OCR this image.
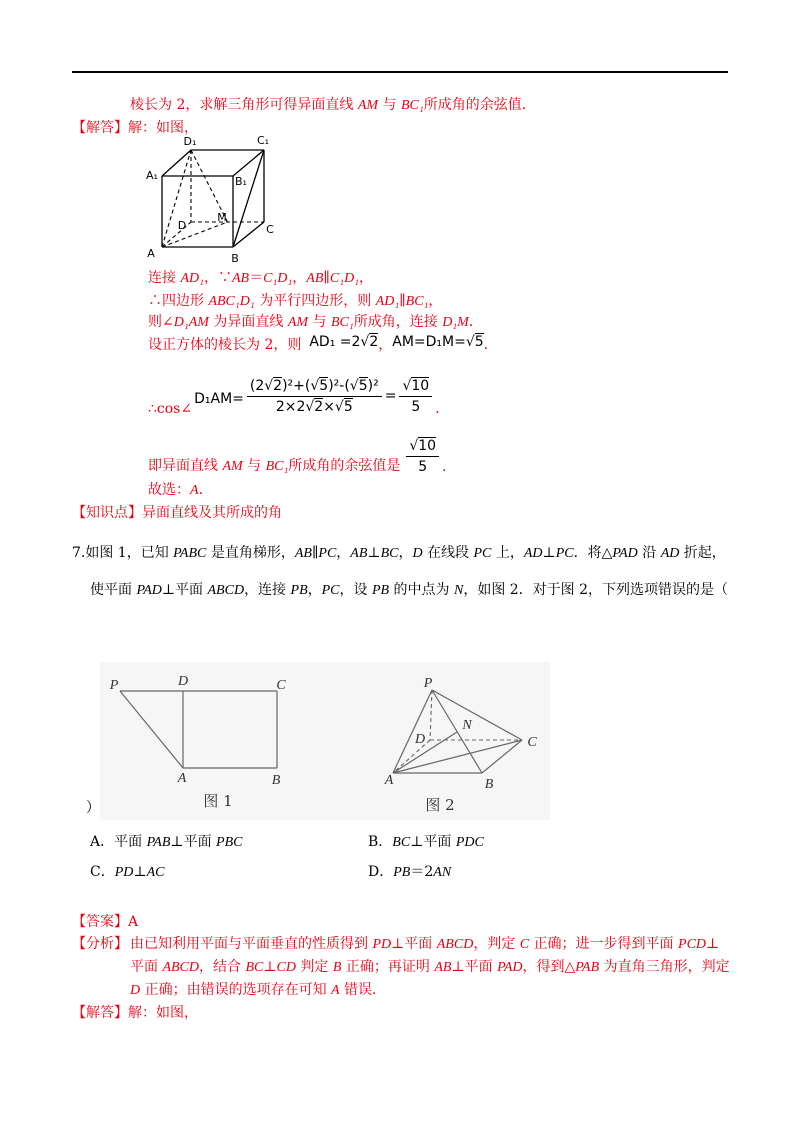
棱长为 2，求解三角形可得异面直线 AM 与 BC₁所成角的余弦值．
【解答】解：如图，
D₁	C₁
A₁	B₁
D
M
C
A	B
连接 AD₁，∵AB＝C₁D₁，AB∥C₁D₁，
∴四边形 ABC₁D₁ 为平行四边形，则 AD₁∥BC₁，
则∠D₁AM 为异面直线 AM 与 BC₁所成角，连接 D₁M．
设正方体的棱长为 2，则 AD₁ =2√2，AM=D₁M=√5．
∴cos∠
$D_1AM= \frac{\text{(2√2)²+(√5)²-(√5)²}}{2\times 2√2\times√5} = \frac{√10}{5}$ ．
即异面直线 AM 与 BC₁所成角的余弦值是 $\frac{√10}{5}$ ．
故选：A．
【知识点】异面直线及其所成的角
7.如图 1，已知 PABC 是直角梯形，AB∥PC，AB⊥BC，D 在线段 PC 上，AD⊥PC．将△PAD 沿 AD 折起，
使平面 PAD⊥平面 ABCD，连接 PB，PC，设 PB 的中点为 N，如图 2．对于图 2，下列选项错误的是（
P	D	C
A	B
图 1
P
D
N
C
A	B
图 2
）
A．平面 PAB⊥平面 PBC	B．BC⊥平面 PDC
C．PD⊥AC	D．PB＝2AN
【答案】A
【分析】 由已知利用平面与平面垂直的性质得到 PD⊥平面 ABCD，判定 C 正确；进一步得到平面 PCD⊥
平面 ABCD，结合 BC⊥CD 判定 B 正确；再证明 AB⊥平面 PAD，得到△PAB 为直角三角形，判定
D 正确；由错误的选项存在可知 A 错误．
【解答】解：如图，
